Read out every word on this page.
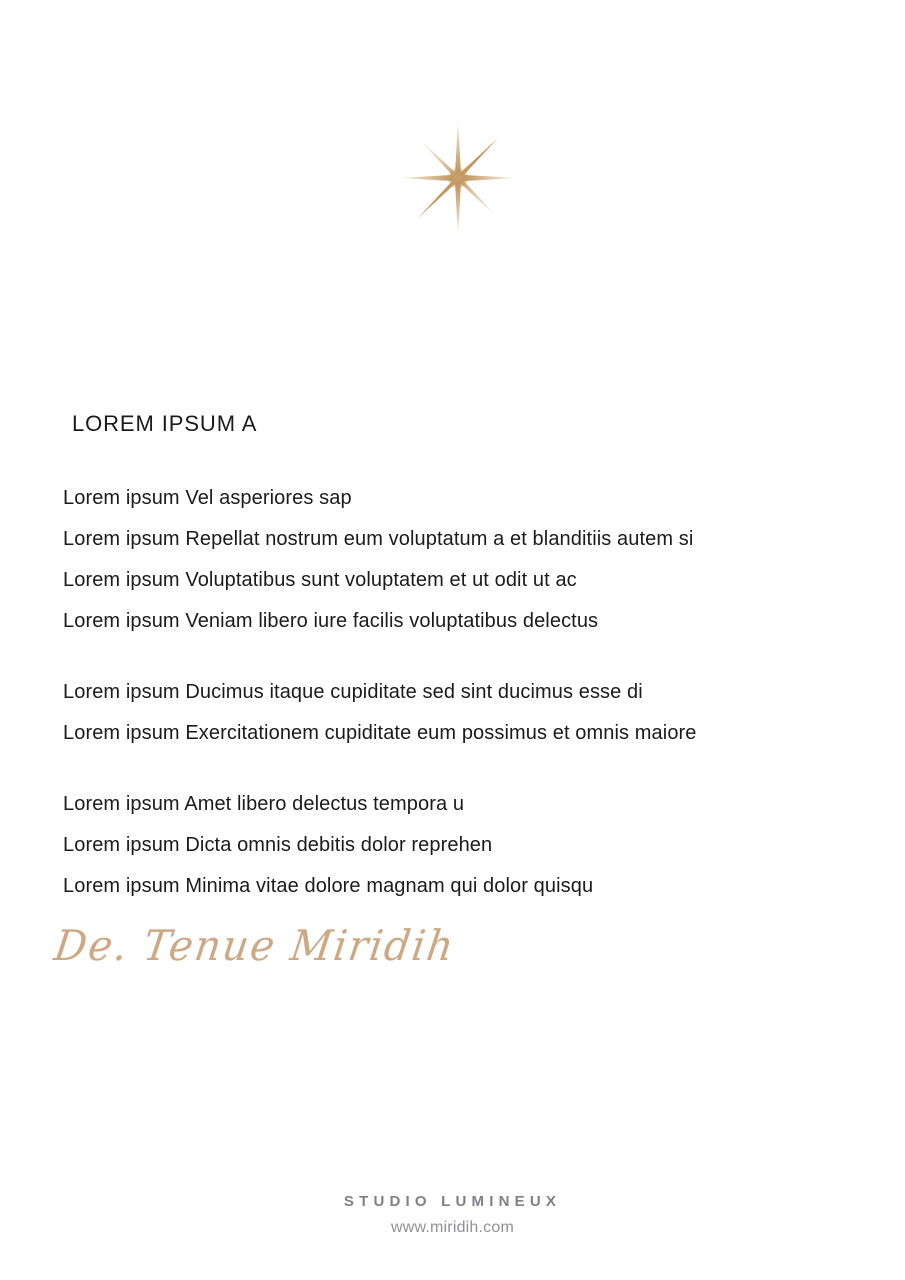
LOREM IPSUM A
Lorem ipsum Vel asperiores sap
Lorem ipsum Repellat nostrum eum voluptatum a et blanditiis autem si
Lorem ipsum Voluptatibus sunt voluptatem et ut odit ut ac
Lorem ipsum Veniam libero iure facilis voluptatibus delectus
Lorem ipsum Ducimus itaque cupiditate sed sint ducimus esse di
Lorem ipsum Exercitationem cupiditate eum possimus et omnis maiore
Lorem ipsum Amet libero delectus tempora u
Lorem ipsum Dicta omnis debitis dolor reprehen
Lorem ipsum Minima vitae dolore magnam qui dolor quisqu
De. Tenue Miridih
STUDIO LUMINEUX
www.miridih.com
